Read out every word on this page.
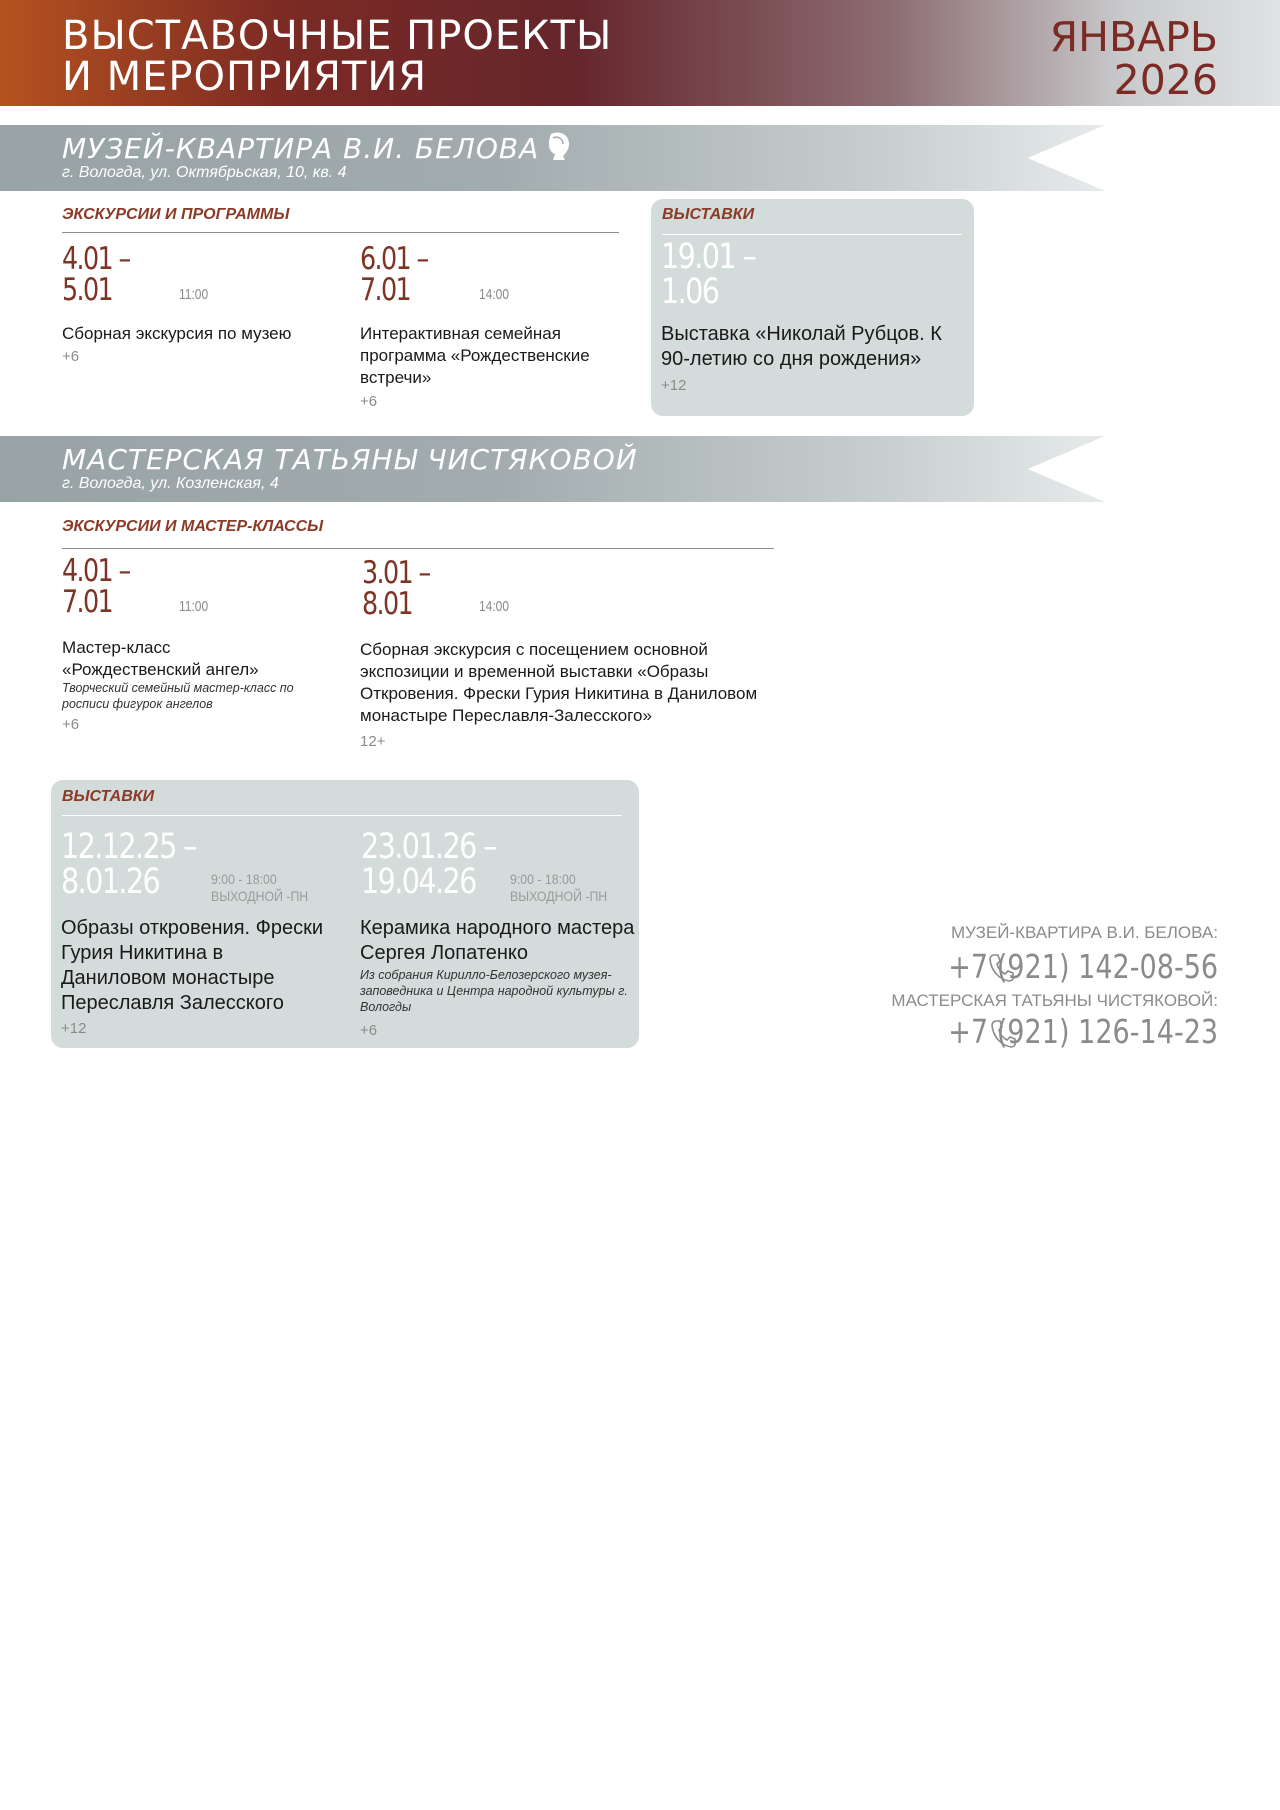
ВЫСТАВОЧНЫЕ ПРОЕКТЫ
И МЕРОПРИЯТИЯ
ЯНВАРЬ
2026
МУЗЕЙ-КВАРТИРА В.И. БЕЛОВА
г. Вологда, ул. Октябрьская, 10, кв. 4
ЭКСКУРСИИ И ПРОГРАММЫ
4.01 –
5.01	11:00
Сборная экскурсия по музею
+6
6.01 –
7.01	14:00
Интерактивная семейная программа «Рождественские встречи»
+6
ВЫСТАВКИ
19.01 –
1.06
Выставка «Николай Рубцов. К 90-летию со дня рождения»
+12
МАСТЕРСКАЯ ТАТЬЯНЫ ЧИСТЯКОВОЙ
г. Вологда, ул. Козленская, 4
ЭКСКУРСИИ И МАСТЕР-КЛАССЫ
4.01 –
7.01	11:00
Мастер-класс «Рождественский ангел»
Творческий семейный мастер-класс по росписи фигурок ангелов
+6
3.01 –
8.01	14:00
Сборная экскурсия с посещением основной экспозиции и временной выставки «Образы Откровения. Фрески Гурия Никитина в Даниловом монастыре Переславля-Залесского»
12+
ВЫСТАВКИ
12.12.25 –
8.01.26	9:00 - 18:00
ВЫХОДНОЙ -ПН
Образы откровения. Фрески Гурия Никитина в Даниловом монастыре Переславля Залесского
+12
23.01.26 –
19.04.26	9:00 - 18:00
ВЫХОДНОЙ -ПН
Керамика народного мастера Сергея Лопатенко
Из собрания Кирилло-Белозерского музея-заповедника и Центра народной культуры г. Вологды
+6
МУЗЕЙ-КВАРТИРА В.И. БЕЛОВА:
+7 (921) 142-08-56
МАСТЕРСКАЯ ТАТЬЯНЫ ЧИСТЯКОВОЙ:
+7 (921) 126-14-23
